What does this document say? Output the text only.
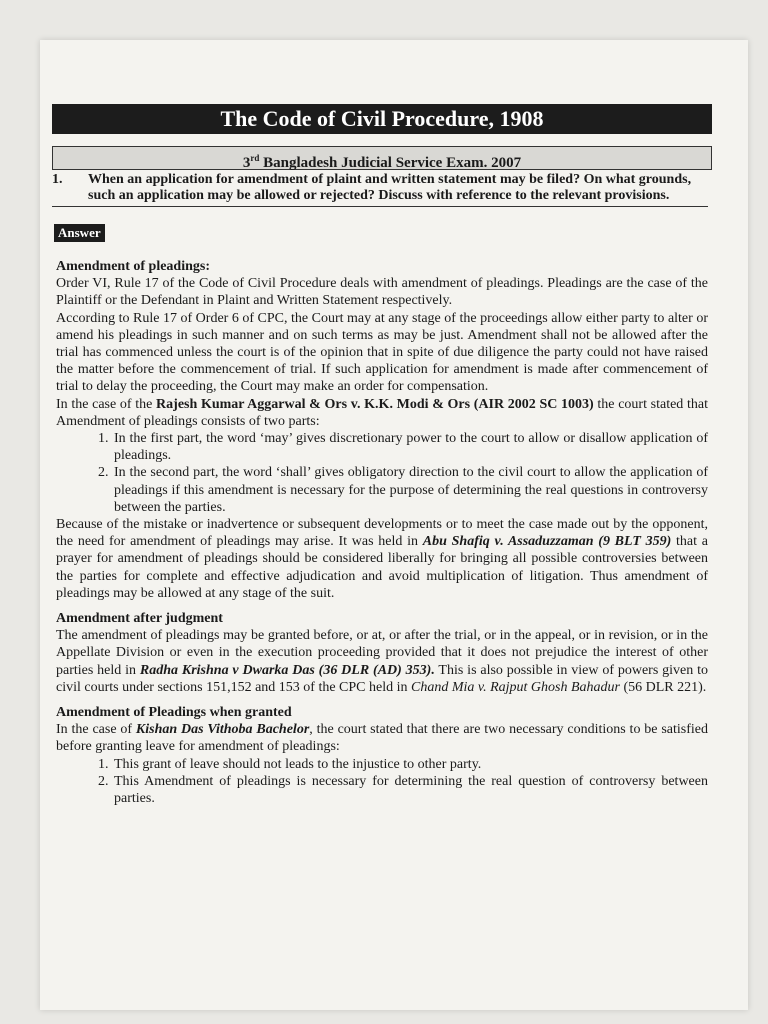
The Code of Civil Procedure, 1908
3rd Bangladesh Judicial Service Exam. 2007
1. When an application for amendment of plaint and written statement may be filed? On what grounds, such an application may be allowed or rejected? Discuss with reference to the relevant provisions.
Answer

Amendment of pleadings:

Order VI, Rule 17 of the Code of Civil Procedure deals with amendment of pleadings. Pleadings are the case of the Plaintiff or the Defendant in Plaint and Written Statement respectively.

According to Rule 17 of Order 6 of CPC, the Court may at any stage of the proceedings allow either party to alter or amend his pleadings in such manner and on such terms as may be just. Amendment shall not be allowed after the trial has commenced unless the court is of the opinion that in spite of due diligence the party could not have raised the matter before the commencement of trial. If such application for amendment is made after commencement of trial to delay the proceeding, the Court may make an order for compensation.

In the case of the Rajesh Kumar Aggarwal & Ors v. K.K. Modi & Ors (AIR 2002 SC 1003) the court stated that Amendment of pleadings consists of two parts:

1. In the first part, the word ‘may’ gives discretionary power to the court to allow or disallow application of pleadings.
2. In the second part, the word ‘shall’ gives obligatory direction to the civil court to allow the application of pleadings if this amendment is necessary for the purpose of determining the real questions in controversy between the parties.

Because of the mistake or inadvertence or subsequent developments or to meet the case made out by the opponent, the need for amendment of pleadings may arise. It was held in Abu Shafiq v. Assaduzzaman (9 BLT 359) that a prayer for amendment of pleadings should be considered liberally for bringing all possible controversies between the parties for complete and effective adjudication and avoid multiplication of litigation. Thus amendment of pleadings may be allowed at any stage of the suit.

Amendment after judgment

The amendment of pleadings may be granted before, or at, or after the trial, or in the appeal, or in revision, or in the Appellate Division or even in the execution proceeding provided that it does not prejudice the interest of other parties held in Radha Krishna v Dwarka Das (36 DLR (AD) 353). This is also possible in view of powers given to civil courts under sections 151,152 and 153 of the CPC held in Chand Mia v. Rajput Ghosh Bahadur (56 DLR 221).

Amendment of Pleadings when granted

In the case of Kishan Das Vithoba Bachelor, the court stated that there are two necessary conditions to be satisfied before granting leave for amendment of pleadings:

1. This grant of leave should not leads to the injustice to other party.
2. This Amendment of pleadings is necessary for determining the real question of controversy between parties.
